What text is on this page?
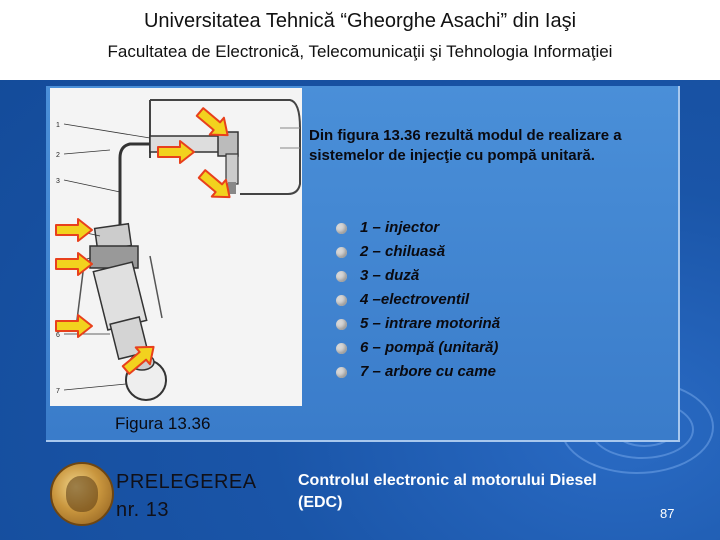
Universitatea Tehnică “Gheorghe Asachi” din Iaşi
Facultatea de Electronică, Telecomunicaţii şi Tehnologia Informaţiei
1
2
3
6
7
Din figura 13.36 rezultă modul de realizare a sistemelor de injecţie cu pompă unitară.
1 – injector
2 – chiluasă
3 – duză
4 –electroventil
5 – intrare motorină
6 – pompă (unitară)
7 – arbore cu came
Figura 13.36
PRELEGEREA
nr. 13
Controlul electronic al motorului Diesel (EDC)
87
